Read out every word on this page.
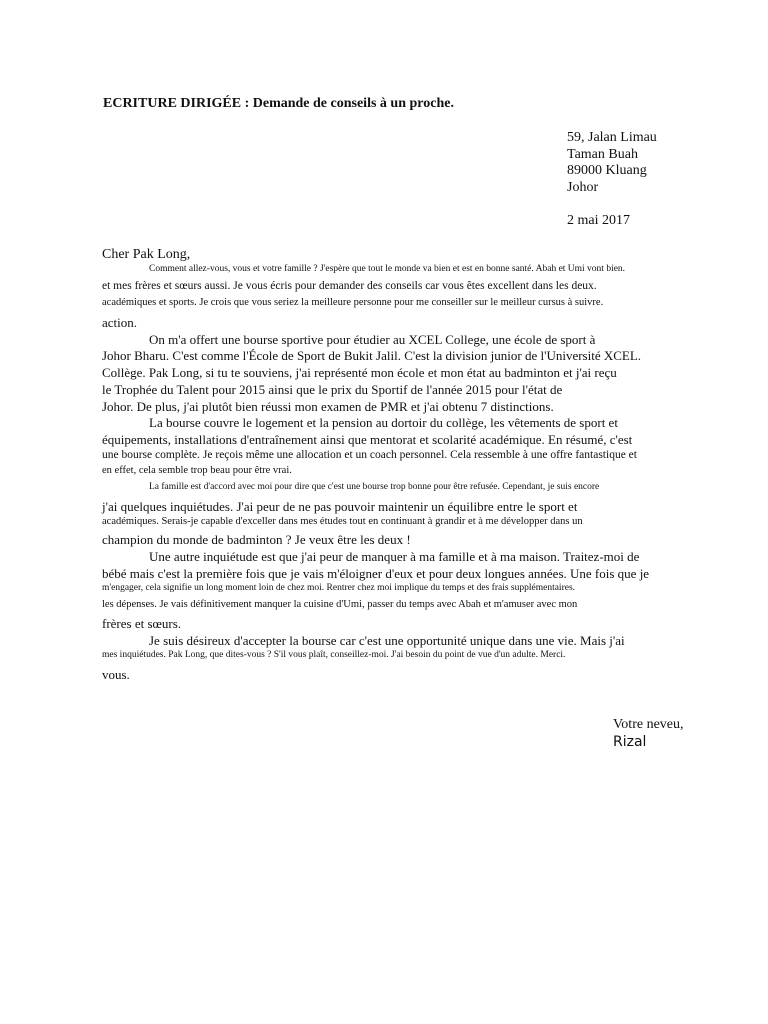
ECRITURE DIRIGÉE : Demande de conseils à un proche.
59, Jalan Limau
Taman Buah
89000 Kluang
Johor
2 mai 2017
Cher Pak Long,
Comment allez-vous, vous et votre famille ? J'espère que tout le monde va bien et est en bonne santé. Abah et Umi vont bien.
et mes frères et sœurs aussi. Je vous écris pour demander des conseils car vous êtes excellent dans les deux.
académiques et sports. Je crois que vous seriez la meilleure personne pour me conseiller sur le meilleur cursus à suivre.
action.
On m'a offert une bourse sportive pour étudier au XCEL College, une école de sport à
Johor Bharu. C'est comme l'École de Sport de Bukit Jalil. C'est la division junior de l'Université XCEL.
Collège. Pak Long, si tu te souviens, j'ai représenté mon école et mon état au badminton et j'ai reçu
le Trophée du Talent pour 2015 ainsi que le prix du Sportif de l'année 2015 pour l'état de
Johor. De plus, j'ai plutôt bien réussi mon examen de PMR et j'ai obtenu 7 distinctions.
La bourse couvre le logement et la pension au dortoir du collège, les vêtements de sport et
équipements, installations d'entraînement ainsi que mentorat et scolarité académique. En résumé, c'est
une bourse complète. Je reçois même une allocation et un coach personnel. Cela ressemble à une offre fantastique et
en effet, cela semble trop beau pour être vrai.
La famille est d'accord avec moi pour dire que c'est une bourse trop bonne pour être refusée. Cependant, je suis encore
j'ai quelques inquiétudes. J'ai peur de ne pas pouvoir maintenir un équilibre entre le sport et
académiques. Serais-je capable d'exceller dans mes études tout en continuant à grandir et à me développer dans un
champion du monde de badminton ? Je veux être les deux !
Une autre inquiétude est que j'ai peur de manquer à ma famille et à ma maison. Traitez-moi de
bébé mais c'est la première fois que je vais m'éloigner d'eux et pour deux longues années. Une fois que je
m'engager, cela signifie un long moment loin de chez moi. Rentrer chez moi implique du temps et des frais supplémentaires.
les dépenses. Je vais définitivement manquer la cuisine d'Umi, passer du temps avec Abah et m'amuser avec mon
frères et sœurs.
Je suis désireux d'accepter la bourse car c'est une opportunité unique dans une vie. Mais j'ai
mes inquiétudes. Pak Long, que dites-vous ? S'il vous plaît, conseillez-moi. J'ai besoin du point de vue d'un adulte. Merci.
vous.
Votre neveu,
Rizal
